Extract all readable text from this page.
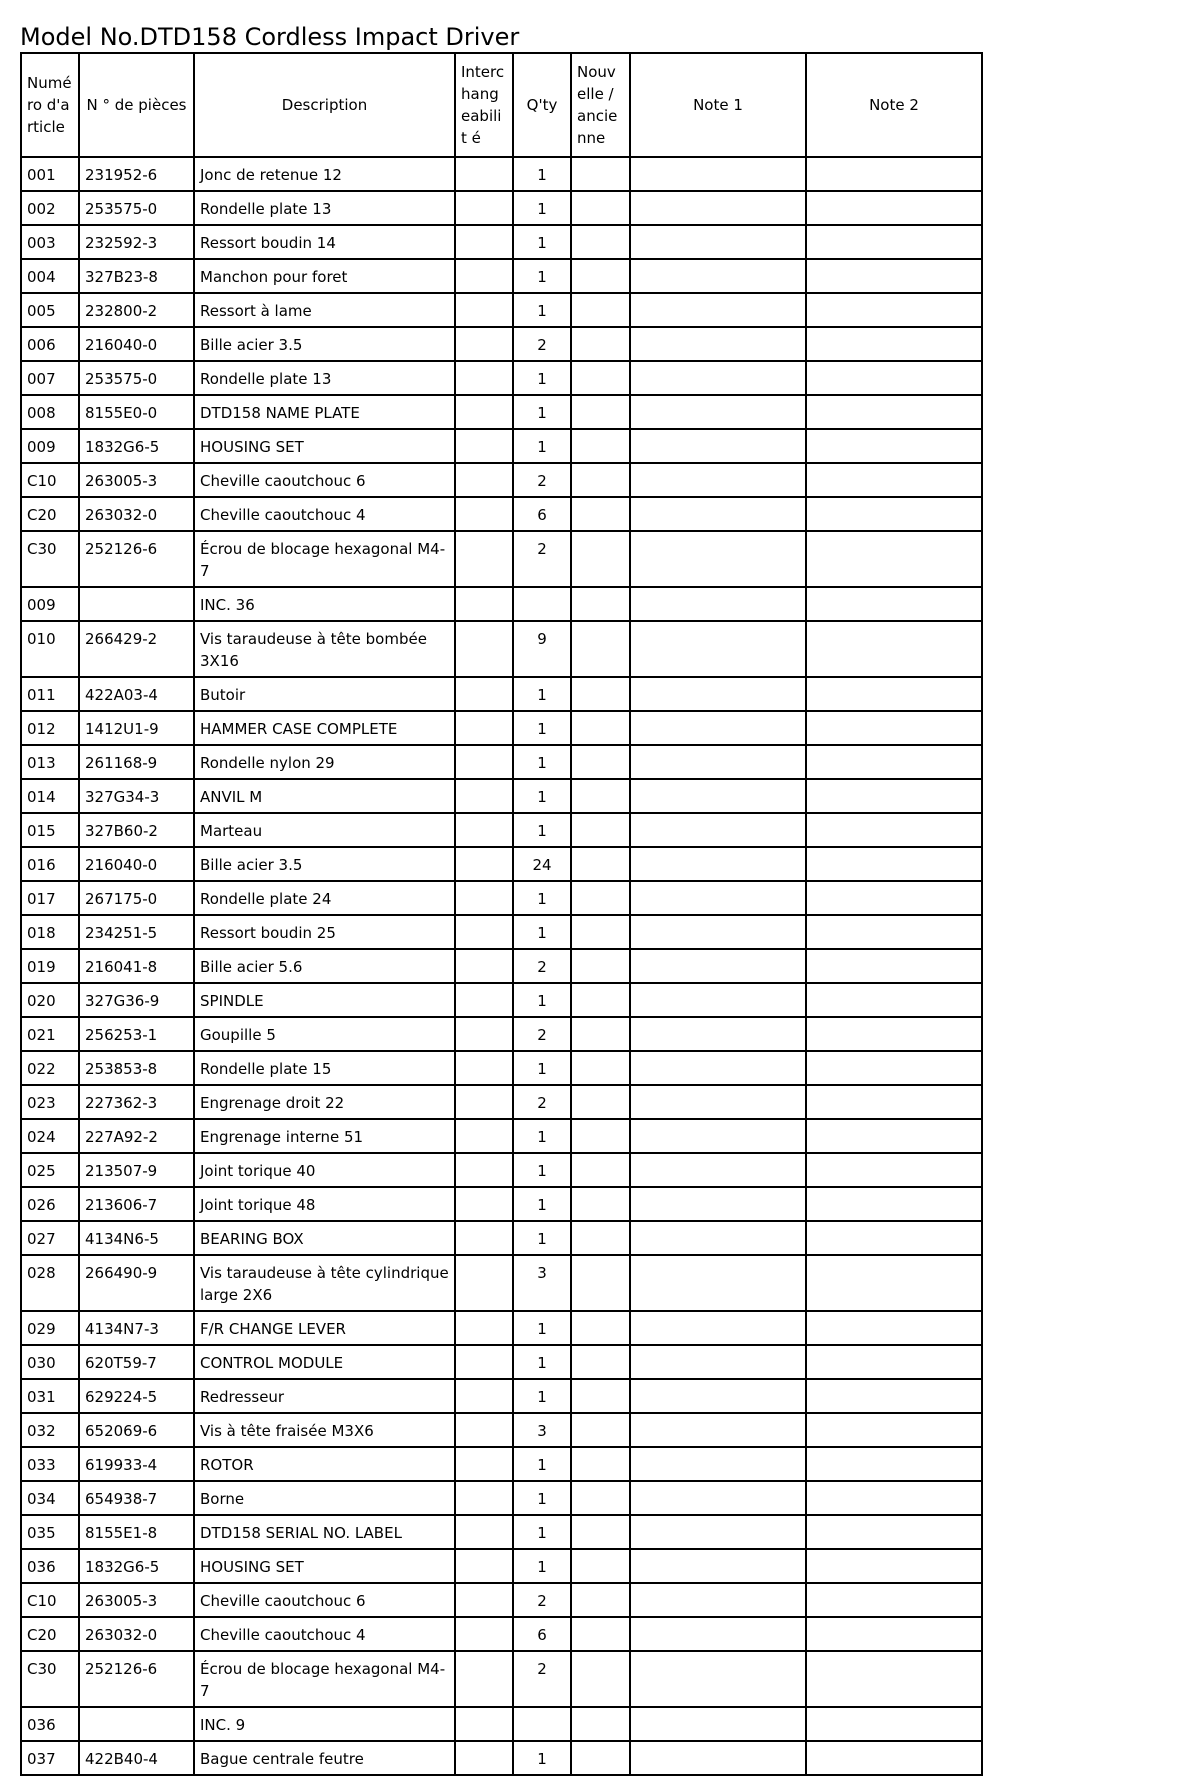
Model No.DTD158 Cordless Impact Driver
Numé ro d'a rticle	N ° de pièces	Description	Interc hang eabilit é	Q'ty	Nouv elle / ancie nne	Note 1	Note 2
001	231952-6	Jonc de retenue 12		1			
002	253575-0	Rondelle plate 13		1			
003	232592-3	Ressort boudin 14		1			
004	327B23-8	Manchon pour foret		1			
005	232800-2	Ressort à lame		1			
006	216040-0	Bille acier 3.5		2			
007	253575-0	Rondelle plate 13		1			
008	8155E0-0	DTD158 NAME PLATE		1			
009	1832G6-5	HOUSING SET		1			
C10	263005-3	Cheville caoutchouc 6		2			
C20	263032-0	Cheville caoutchouc 4		6			
C30	252126-6	Écrou de blocage hexagonal M4-7		2			
009		INC. 36					
010	266429-2	Vis taraudeuse à tête bombée 3X16		9			
011	422A03-4	Butoir		1			
012	1412U1-9	HAMMER CASE COMPLETE		1			
013	261168-9	Rondelle nylon 29		1			
014	327G34-3	ANVIL M		1			
015	327B60-2	Marteau		1			
016	216040-0	Bille acier 3.5		24			
017	267175-0	Rondelle plate 24		1			
018	234251-5	Ressort boudin 25		1			
019	216041-8	Bille acier 5.6		2			
020	327G36-9	SPINDLE		1			
021	256253-1	Goupille 5		2			
022	253853-8	Rondelle plate 15		1			
023	227362-3	Engrenage droit 22		2			
024	227A92-2	Engrenage interne 51		1			
025	213507-9	Joint torique 40		1			
026	213606-7	Joint torique 48		1			
027	4134N6-5	BEARING BOX		1			
028	266490-9	Vis taraudeuse à tête cylindrique large 2X6		3			
029	4134N7-3	F/R CHANGE LEVER		1			
030	620T59-7	CONTROL MODULE		1			
031	629224-5	Redresseur		1			
032	652069-6	Vis à tête fraisée M3X6		3			
033	619933-4	ROTOR		1			
034	654938-7	Borne		1			
035	8155E1-8	DTD158 SERIAL NO. LABEL		1			
036	1832G6-5	HOUSING SET		1			
C10	263005-3	Cheville caoutchouc 6		2			
C20	263032-0	Cheville caoutchouc 4		6			
C30	252126-6	Écrou de blocage hexagonal M4-7		2			
036		INC. 9					
037	422B40-4	Bague centrale feutre		1			
